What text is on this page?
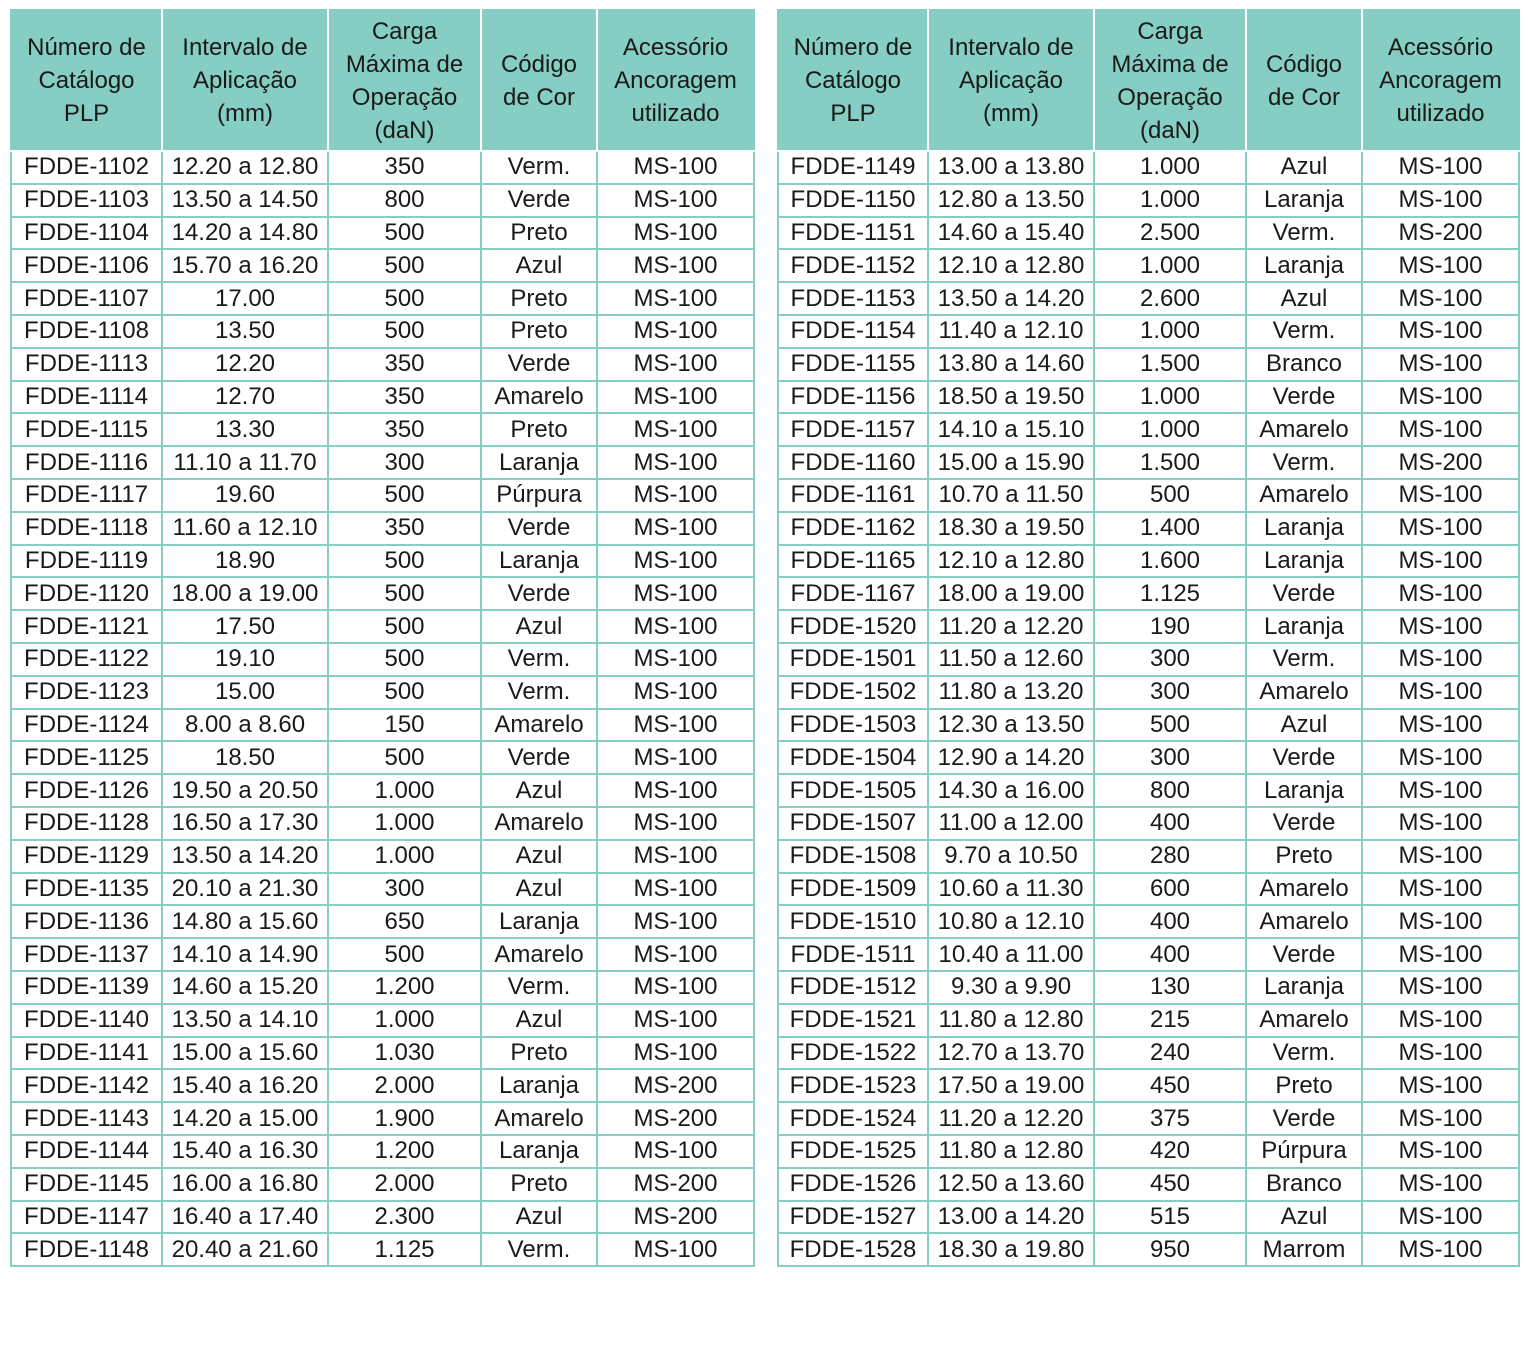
Número de
Catálogo
PLP	Intervalo de
Aplicação
(mm)	Carga
Máxima de
Operação
(daN)	Código
de Cor	Acessório
Ancoragem
utilizado

FDDE-1102	12.20 a 12.80	350	Verm.	MS-100
FDDE-1103	13.50 a 14.50	800	Verde	MS-100
FDDE-1104	14.20 a 14.80	500	Preto	MS-100
FDDE-1106	15.70 a 16.20	500	Azul	MS-100
FDDE-1107	17.00	500	Preto	MS-100
FDDE-1108	13.50	500	Preto	MS-100
FDDE-1113	12.20	350	Verde	MS-100
FDDE-1114	12.70	350	Amarelo	MS-100
FDDE-1115	13.30	350	Preto	MS-100
FDDE-1116	11.10 a 11.70	300	Laranja	MS-100
FDDE-1117	19.60	500	Púrpura	MS-100
FDDE-1118	11.60 a 12.10	350	Verde	MS-100
FDDE-1119	18.90	500	Laranja	MS-100
FDDE-1120	18.00 a 19.00	500	Verde	MS-100
FDDE-1121	17.50	500	Azul	MS-100
FDDE-1122	19.10	500	Verm.	MS-100
FDDE-1123	15.00	500	Verm.	MS-100
FDDE-1124	8.00 a 8.60	150	Amarelo	MS-100
FDDE-1125	18.50	500	Verde	MS-100
FDDE-1126	19.50 a 20.50	1.000	Azul	MS-100
FDDE-1128	16.50 a 17.30	1.000	Amarelo	MS-100
FDDE-1129	13.50 a 14.20	1.000	Azul	MS-100
FDDE-1135	20.10 a 21.30	300	Azul	MS-100
FDDE-1136	14.80 a 15.60	650	Laranja	MS-100
FDDE-1137	14.10 a 14.90	500	Amarelo	MS-100
FDDE-1139	14.60 a 15.20	1.200	Verm.	MS-100
FDDE-1140	13.50 a 14.10	1.000	Azul	MS-100
FDDE-1141	15.00 a 15.60	1.030	Preto	MS-100
FDDE-1142	15.40 a 16.20	2.000	Laranja	MS-200
FDDE-1143	14.20 a 15.00	1.900	Amarelo	MS-200
FDDE-1144	15.40 a 16.30	1.200	Laranja	MS-100
FDDE-1145	16.00 a 16.80	2.000	Preto	MS-200
FDDE-1147	16.40 a 17.40	2.300	Azul	MS-200
FDDE-1148	20.40 a 21.60	1.125	Verm.	MS-100
Número de
Catálogo
PLP	Intervalo de
Aplicação
(mm)	Carga
Máxima de
Operação
(daN)	Código
de Cor	Acessório
Ancoragem
utilizado

FDDE-1149	13.00 a 13.80	1.000	Azul	MS-100
FDDE-1150	12.80 a 13.50	1.000	Laranja	MS-100
FDDE-1151	14.60 a 15.40	2.500	Verm.	MS-200
FDDE-1152	12.10 a 12.80	1.000	Laranja	MS-100
FDDE-1153	13.50 a 14.20	2.600	Azul	MS-100
FDDE-1154	11.40 a 12.10	1.000	Verm.	MS-100
FDDE-1155	13.80 a 14.60	1.500	Branco	MS-100
FDDE-1156	18.50 a 19.50	1.000	Verde	MS-100
FDDE-1157	14.10 a 15.10	1.000	Amarelo	MS-100
FDDE-1160	15.00 a 15.90	1.500	Verm.	MS-200
FDDE-1161	10.70 a 11.50	500	Amarelo	MS-100
FDDE-1162	18.30 a 19.50	1.400	Laranja	MS-100
FDDE-1165	12.10 a 12.80	1.600	Laranja	MS-100
FDDE-1167	18.00 a 19.00	1.125	Verde	MS-100
FDDE-1520	11.20 a 12.20	190	Laranja	MS-100
FDDE-1501	11.50 a 12.60	300	Verm.	MS-100
FDDE-1502	11.80 a 13.20	300	Amarelo	MS-100
FDDE-1503	12.30 a 13.50	500	Azul	MS-100
FDDE-1504	12.90 a 14.20	300	Verde	MS-100
FDDE-1505	14.30 a 16.00	800	Laranja	MS-100
FDDE-1507	11.00 a 12.00	400	Verde	MS-100
FDDE-1508	9.70 a 10.50	280	Preto	MS-100
FDDE-1509	10.60 a 11.30	600	Amarelo	MS-100
FDDE-1510	10.80 a 12.10	400	Amarelo	MS-100
FDDE-1511	10.40 a 11.00	400	Verde	MS-100
FDDE-1512	9.30 a 9.90	130	Laranja	MS-100
FDDE-1521	11.80 a 12.80	215	Amarelo	MS-100
FDDE-1522	12.70 a 13.70	240	Verm.	MS-100
FDDE-1523	17.50 a 19.00	450	Preto	MS-100
FDDE-1524	11.20 a 12.20	375	Verde	MS-100
FDDE-1525	11.80 a 12.80	420	Púrpura	MS-100
FDDE-1526	12.50 a 13.60	450	Branco	MS-100
FDDE-1527	13.00 a 14.20	515	Azul	MS-100
FDDE-1528	18.30 a 19.80	950	Marrom	MS-100
